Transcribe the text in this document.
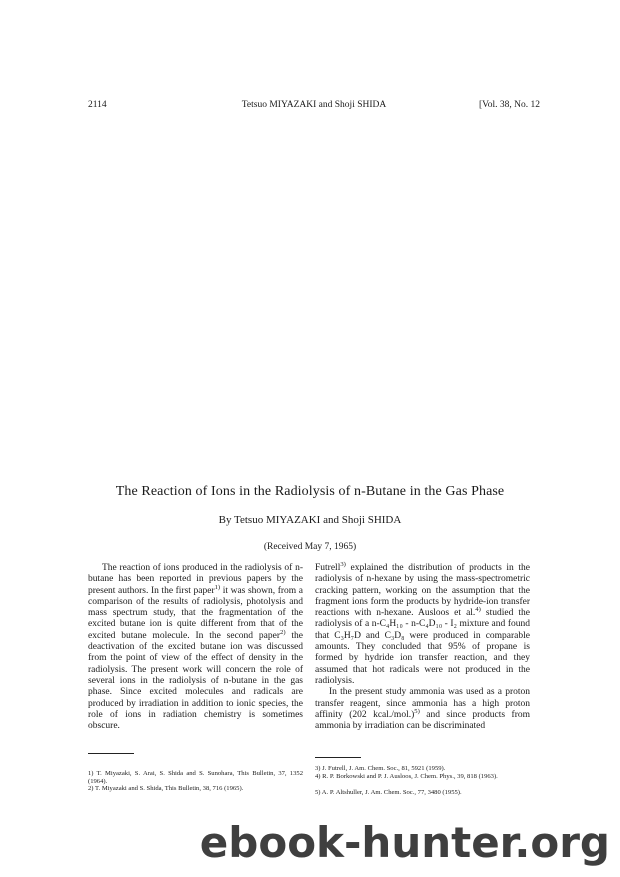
2114	Tetsuo MIYAZAKI and Shoji SHIDA	[Vol. 38, No. 12
The Reaction of Ions in the Radiolysis of n-Butane in the Gas Phase
By Tetsuo MIYAZAKI and Shoji SHIDA
(Received May 7, 1965)

The reaction of ions produced in the radiolysis of n-butane has been reported in previous papers by the present authors. In the first paper$^{1)}$ it was shown, from a comparison of the results of radiolysis, photolysis and mass spectrum study, that the fragmentation of the excited butane ion is quite different from that of the excited butane molecule. In the second paper$^{2)}$ the deactivation of the excited butane ion was discussed from the point of view of the effect of density in the radiolysis. The present work will concern the role of several ions in the radiolysis of n-butane in the gas phase. Since excited molecules and radicals are produced by irradiation in addition to ionic species, the role of ions in radiation chemistry is sometimes obscure.

Futrell$^{3)}$ explained the distribution of products in the radiolysis of n-hexane by using the mass-spectrometric cracking pattern, working on the assumption that the fragment ions form the products by hydride-ion transfer reactions with n-hexane. Ausloos et al.$^{4)}$ studied the radiolysis of a n-C₄H₁₀ - n-C₄D₁₀ - I₂ mixture and found that C₃H₇D and C₃D₈ were produced in comparable amounts. They concluded that 95% of propane is formed by hydride ion transfer reaction, and they assumed that hot radicals were not produced in the radiolysis.

In the present study ammonia was used as a proton transfer reagent, since ammonia has a high proton affinity (202 kcal./mol.)$^{5)}$ and since products from ammonia by irradiation can be discriminated

1) T. Miyazaki, S. Arai, S. Shida and S. Sunohara, This Bulletin, 37, 1352 (1964).
2) T. Miyazaki and S. Shida, This Bulletin, 38, 716 (1965).
3) J. Futrell, J. Am. Chem. Soc., 81, 5921 (1959).
4) R. P. Borkowski and P. J. Ausloos, J. Chem. Phys., 39, 818 (1963).
5) A. P. Altshuller, J. Am. Chem. Soc., 77, 3480 (1955).
ebook-hunter.org
